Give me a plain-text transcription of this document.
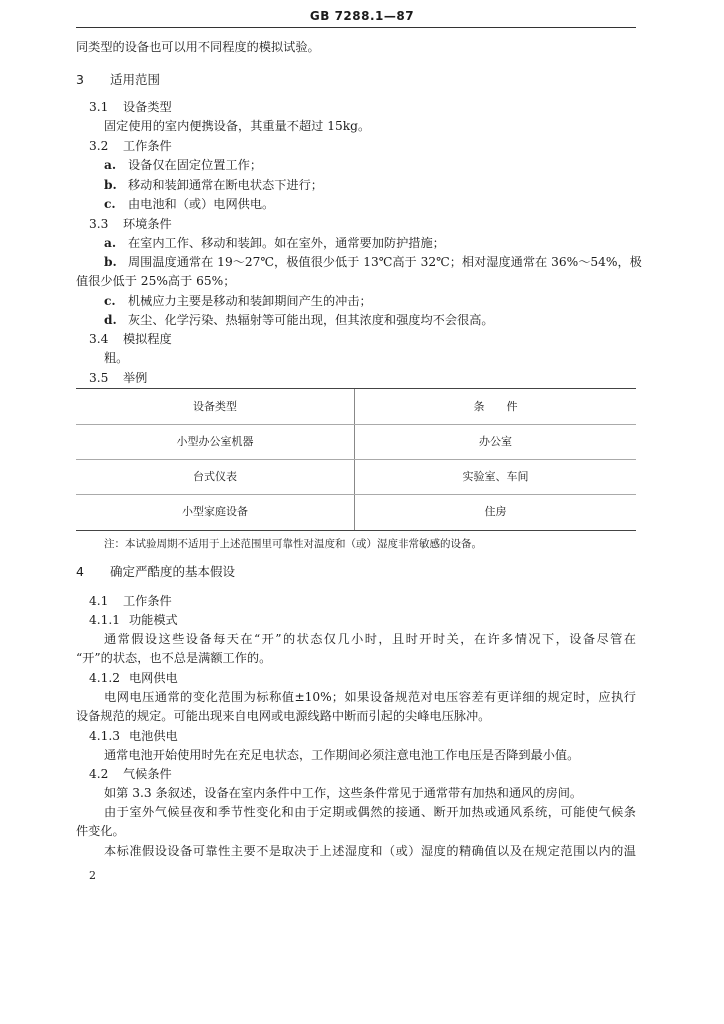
GB 7288.1—87
同类型的设备也可以用不同程度的模拟试验。
3 适用范围
3.1 设备类型
固定使用的室内便携设备，其重量不超过 15kg。
3.2 工作条件
a. 设备仅在固定位置工作；
b. 移动和装卸通常在断电状态下进行；
c. 由电池和（或）电网供电。
3.3 环境条件
a. 在室内工作、移动和装卸。如在室外，通常要加防护措施；
b. 周围温度通常在 19～27℃，极值很少低于 13℃高于 32℃；相对湿度通常在 36%～54%，极
值很少低于 25%高于 65%；
c. 机械应力主要是移动和装卸期间产生的冲击；
d. 灰尘、化学污染、热辐射等可能出现，但其浓度和强度均不会很高。
3.4 模拟程度
粗。
3.5 举例
设备类型	条　　件
小型办公室机器	办公室
台式仪表	实验室、车间
小型家庭设备	住房
注：本试验周期不适用于上述范围里可靠性对温度和（或）湿度非常敏感的设备。
4 确定严酷度的基本假设
4.1 工作条件
4.1.1 功能模式
通常假设这些设备每天在“开”的状态仅几小时，且时开时关，在许多情况下，设备尽管在
“开”的状态，也不总是满额工作的。
4.1.2 电网供电
电网电压通常的变化范围为标称值±10%；如果设备规范对电压容差有更详细的规定时，应执行
设备规范的规定。可能出现来自电网或电源线路中断而引起的尖峰电压脉冲。
4.1.3 电池供电
通常电池开始使用时先在充足电状态，工作期间必须注意电池工作电压是否降到最小值。
4.2 气候条件
如第 3.3 条叙述，设备在室内条件中工作，这些条件常见于通常带有加热和通风的房间。
由于室外气候昼夜和季节性变化和由于定期或偶然的接通、断开加热或通风系统，可能使气候条
件变化。
本标准假设设备可靠性主要不是取决于上述湿度和（或）湿度的精确值以及在规定范围以内的温
2
